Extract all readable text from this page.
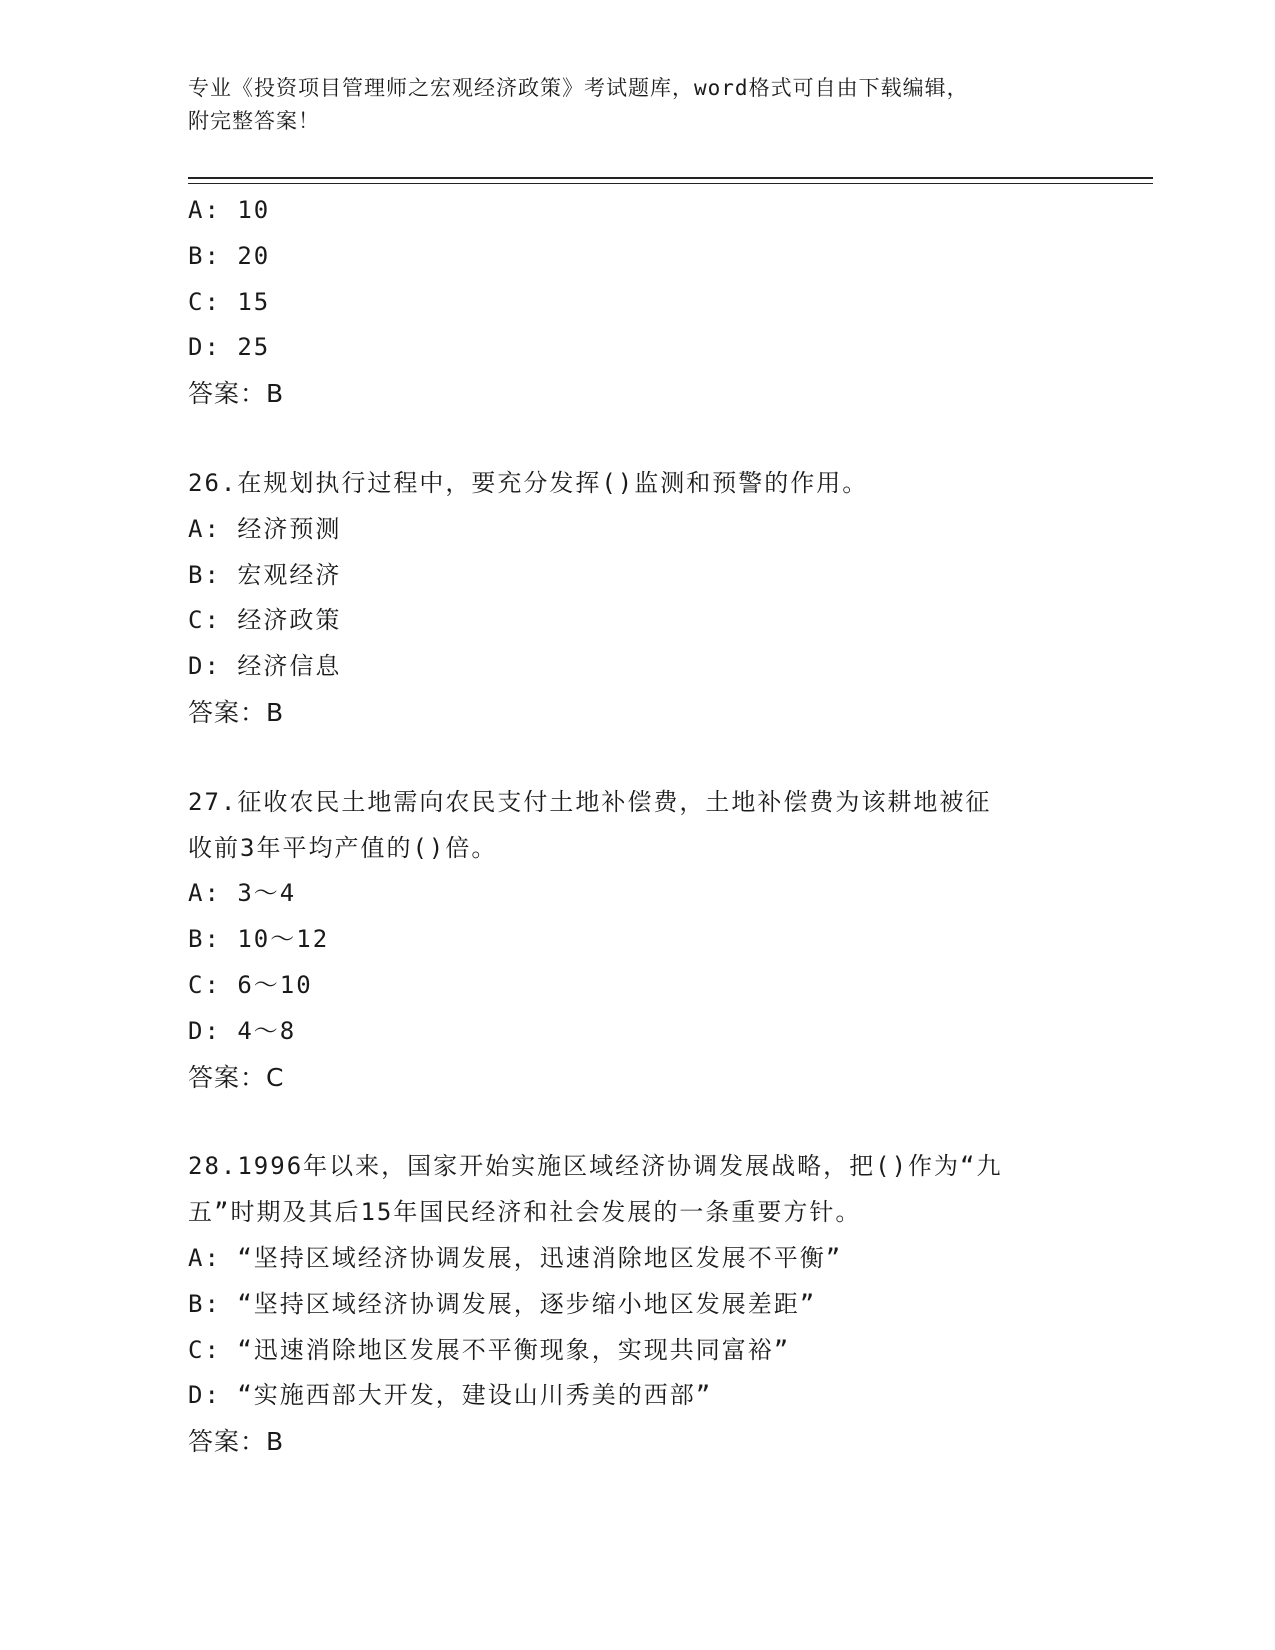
专业《投资项目管理师之宏观经济政策》考试题库，word格式可自由下载编辑，
附完整答案！
A: 10
B: 20
C: 15
D: 25
答案：B
26.在规划执行过程中，要充分发挥()监测和预警的作用。
A: 经济预测
B: 宏观经济
C: 经济政策
D: 经济信息
答案：B
27.征收农民土地需向农民支付土地补偿费，土地补偿费为该耕地被征
收前3年平均产值的()倍。
A: 3～4
B: 10～12
C: 6～10
D: 4～8
答案：C
28.1996年以来，国家开始实施区域经济协调发展战略，把()作为“九
五”时期及其后15年国民经济和社会发展的一条重要方针。
A: “坚持区域经济协调发展，迅速消除地区发展不平衡”
B: “坚持区域经济协调发展，逐步缩小地区发展差距”
C: “迅速消除地区发展不平衡现象，实现共同富裕”
D: “实施西部大开发，建设山川秀美的西部”
答案：B
